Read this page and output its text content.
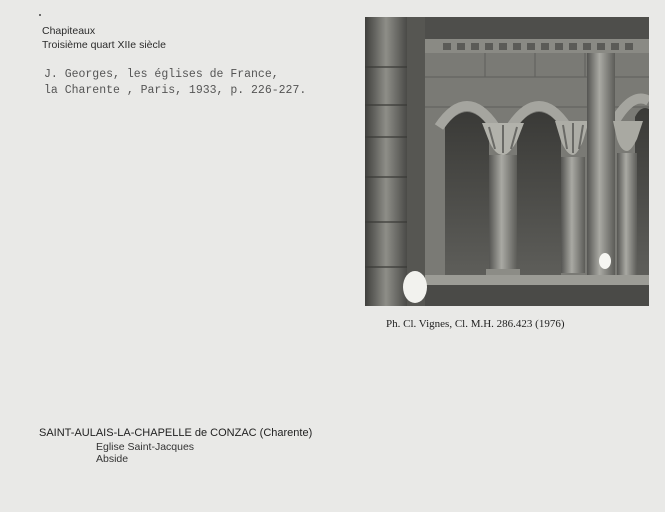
Chapiteaux
Troisième quart XIIe siècle
J. Georges, les églises de France,
la Charente , Paris, 1933, p. 226-227.
Ph. Cl. Vignes, Cl. M.H. 286.423 (1976)
SAINT-AULAIS-LA-CHAPELLE de CONZAC (Charente)
Eglise Saint-Jacques
Abside
